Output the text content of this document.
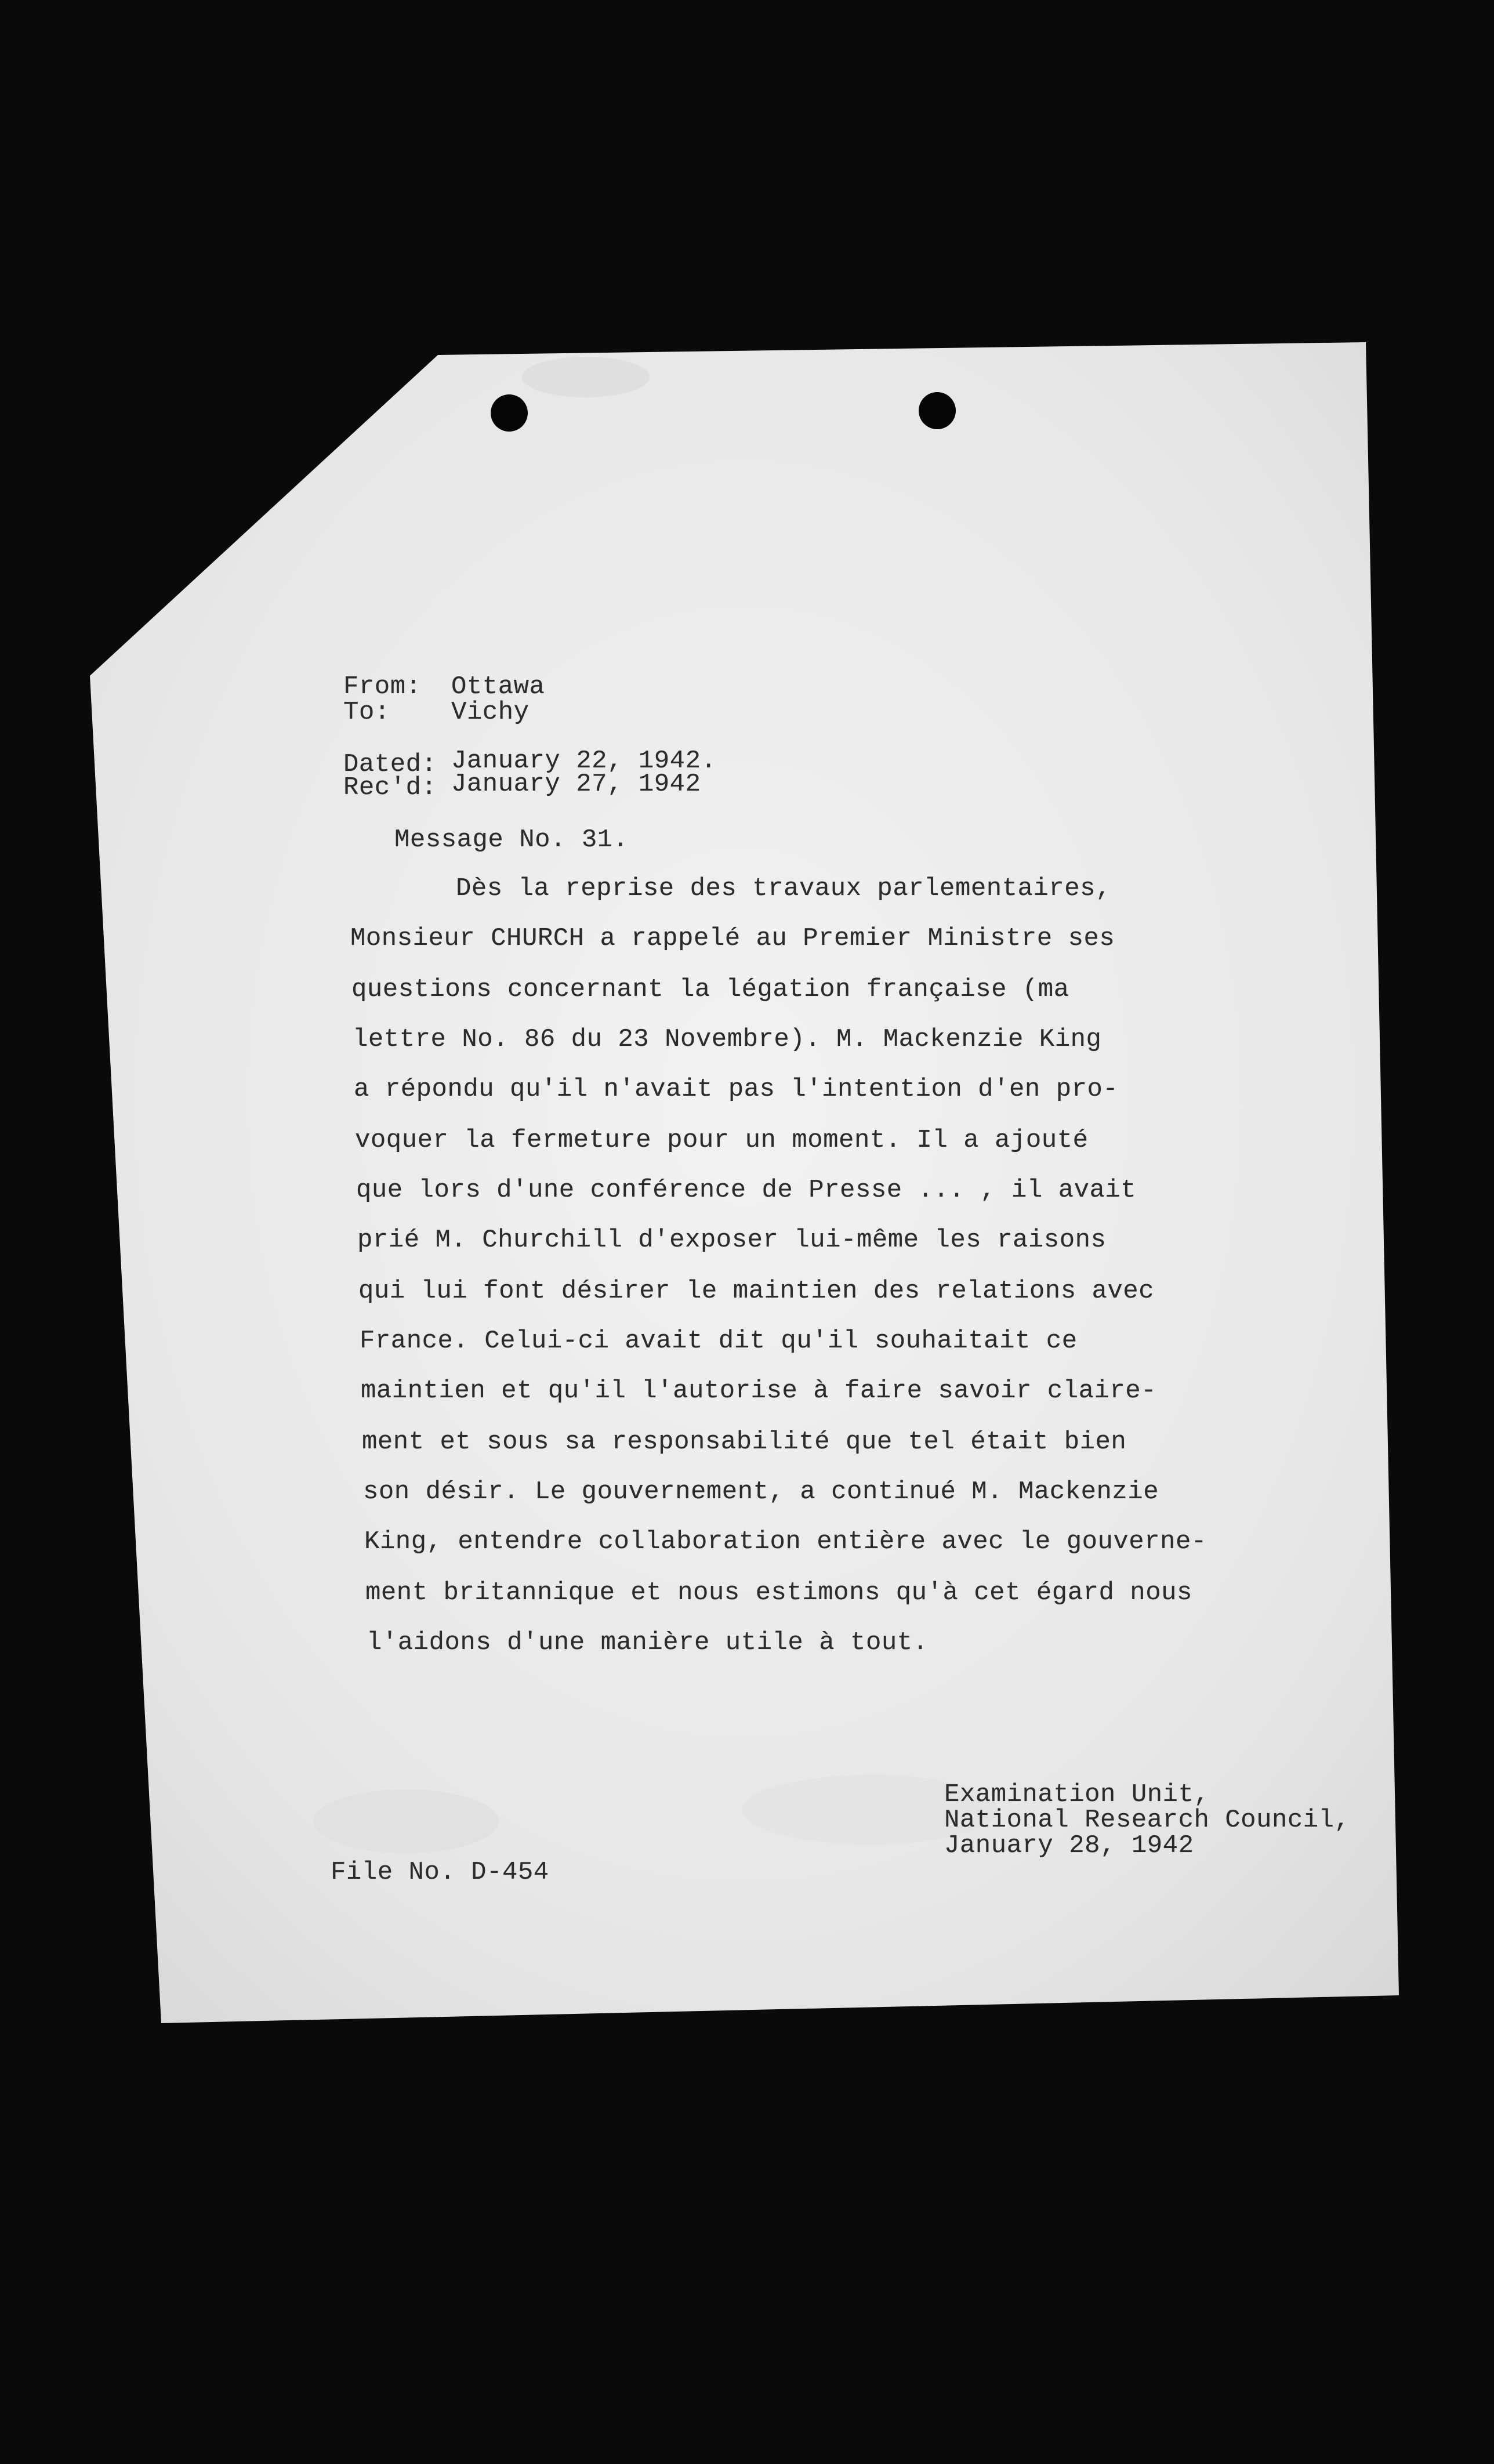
From: Ottawa
To: Vichy
Dated: January 22, 1942.
Rec'd: January 27, 1942
Message No. 31.
Dès la reprise des travaux parlementaires,
Monsieur CHURCH a rappelé au Premier Ministre ses
questions concernant la légation française (ma
lettre No. 86 du 23 Novembre). M. Mackenzie King
a répondu qu'il n'avait pas l'intention d'en pro-
voquer la fermeture pour un moment. Il a ajouté
que lors d'une conférence de Presse ... , il avait
prié M. Churchill d'exposer lui-même les raisons
qui lui font désirer le maintien des relations avec
France. Celui-ci avait dit qu'il souhaitait ce
maintien et qu'il l'autorise à faire savoir claire-
ment et sous sa responsabilité que tel était bien
son désir. Le gouvernement, a continué M. Mackenzie
King, entendre collaboration entière avec le gouverne-
ment britannique et nous estimons qu'à cet égard nous
l'aidons d'une manière utile à tout.
File No. D-454
Examination Unit,
National Research Council,
January 28, 1942
